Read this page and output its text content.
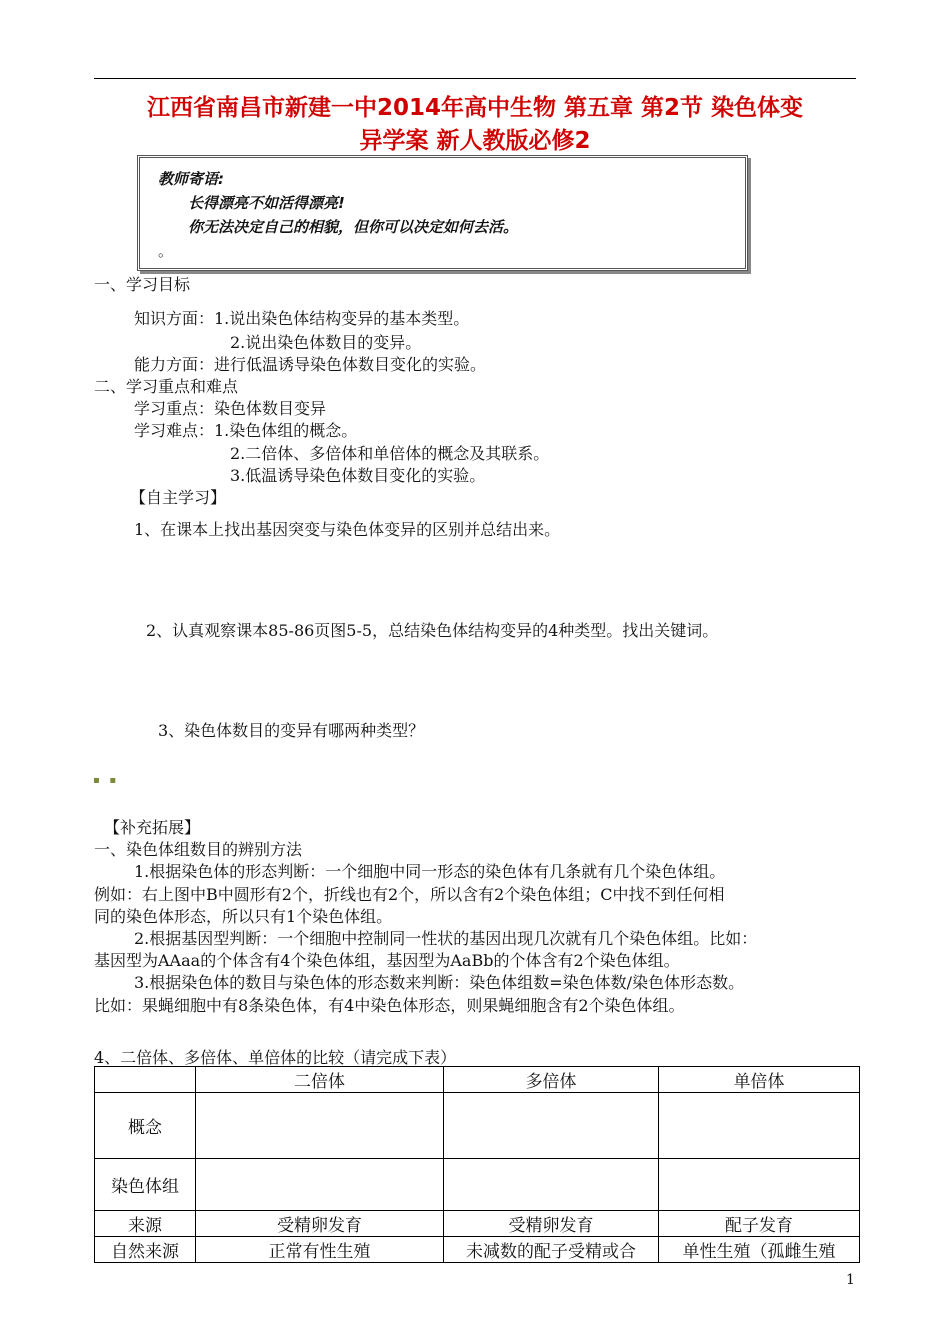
江西省南昌市新建一中2014年高中生物 第五章 第2节 染色体变
异学案 新人教版必修2
教师寄语:
长得漂亮不如活得漂亮!
你无法决定自己的相貌，但你可以决定如何去活。
。
一、学习目标
知识方面：1.说出染色体结构变异的基本类型。
2.说出染色体数目的变异。
能力方面：进行低温诱导染色体数目变化的实验。
二、学习重点和难点
学习重点：染色体数目变异
学习难点：1.染色体组的概念。
2.二倍体、多倍体和单倍体的概念及其联系。
3.低温诱导染色体数目变化的实验。
【自主学习】
1、在课本上找出基因突变与染色体变异的区别并总结出来。
2、认真观察课本85-86页图5-5，总结染色体结构变异的4种类型。找出关键词。
3、染色体数目的变异有哪两种类型？
▪   ▪
【补充拓展】
一、染色体组数目的辨别方法
1.根据染色体的形态判断：一个细胞中同一形态的染色体有几条就有几个染色体组。
例如：右上图中B中圆形有2个，折线也有2个，所以含有2个染色体组；C中找不到任何相
同的染色体形态，所以只有1个染色体组。
2.根据基因型判断：一个细胞中控制同一性状的基因出现几次就有几个染色体组。比如：
基因型为AAaa的个体含有4个染色体组，基因型为AaBb的个体含有2个染色体组。
3.根据染色体的数目与染色体的形态数来判断：染色体组数=染色体数/染色体形态数。
比如：果蝇细胞中有8条染色体，有4中染色体形态，则果蝇细胞含有2个染色体组。
4、二倍体、多倍体、单倍体的比较（请完成下表）
	二倍体	多倍体	单倍体
概念			
染色体组			
来源	受精卵发育	受精卵发育	配子发育
自然来源	正常有性生殖	未减数的配子受精或合	单性生殖（孤雌生殖
1
